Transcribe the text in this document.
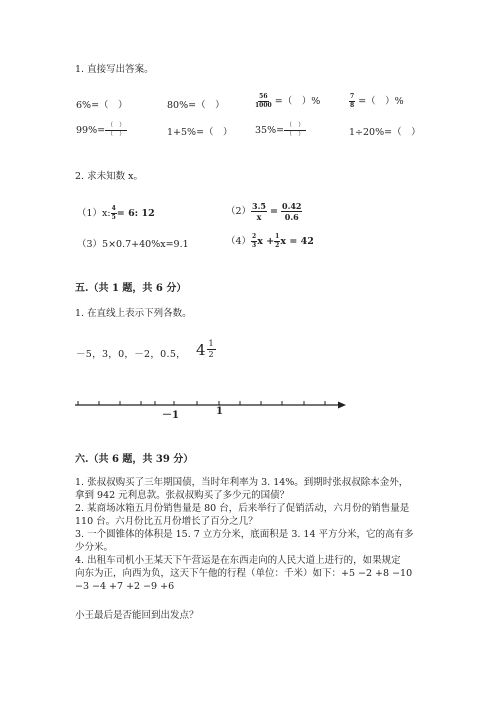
1. 直接写出答案。
6%=（　）	80%=（　）	$\frac{56}{1000}$ =（　）%	$\frac{7}{8}$ =（　）%
$99\%= \frac{( )}{( )}$	1+5%=（　） $35\%= \frac{( )}{( )}$	1÷20%=（　）
2. 求未知数 x。
（1）x: $\frac{4}{5} = 6$: 12	$(2) \frac{3.5}{x} = \frac{0.42}{0.6}$
（3）5×0.7+40%x=9.1	$(4) \frac{2}{3}$ $x + \frac{1}{2}$ x = 42
五.（共 1 题，共 6 分）
1. 在直线上表示下列各数。
－5，3，0，－2，0.5， $4 \frac{1}{2}$
－1	1
六.（共 6 题，共 39 分）
1. 张叔叔购买了三年期国债，当时年利率为 3. 14%。到期时张叔叔除本金外，
拿到 942 元利息款。张叔叔购买了多少元的国债？
2. 某商场冰箱五月份销售量是 80 台，后来举行了促销活动，六月份的销售量是
110 台。六月份比五月份增长了百分之几？
3. 一个圆锥体的体积是 15. 7 立方分米，底面积是 3. 14 平方分米，它的高有多
少分米。
4. 出租车司机小王某天下午营运是在东西走向的人民大道上进行的，如果规定
向东为正，向西为负，这天下午他的行程（单位：千米）如下：+5 −2 +8 −10
−3 −4 +7 +2 −9 +6
小王最后是否能回到出发点？
